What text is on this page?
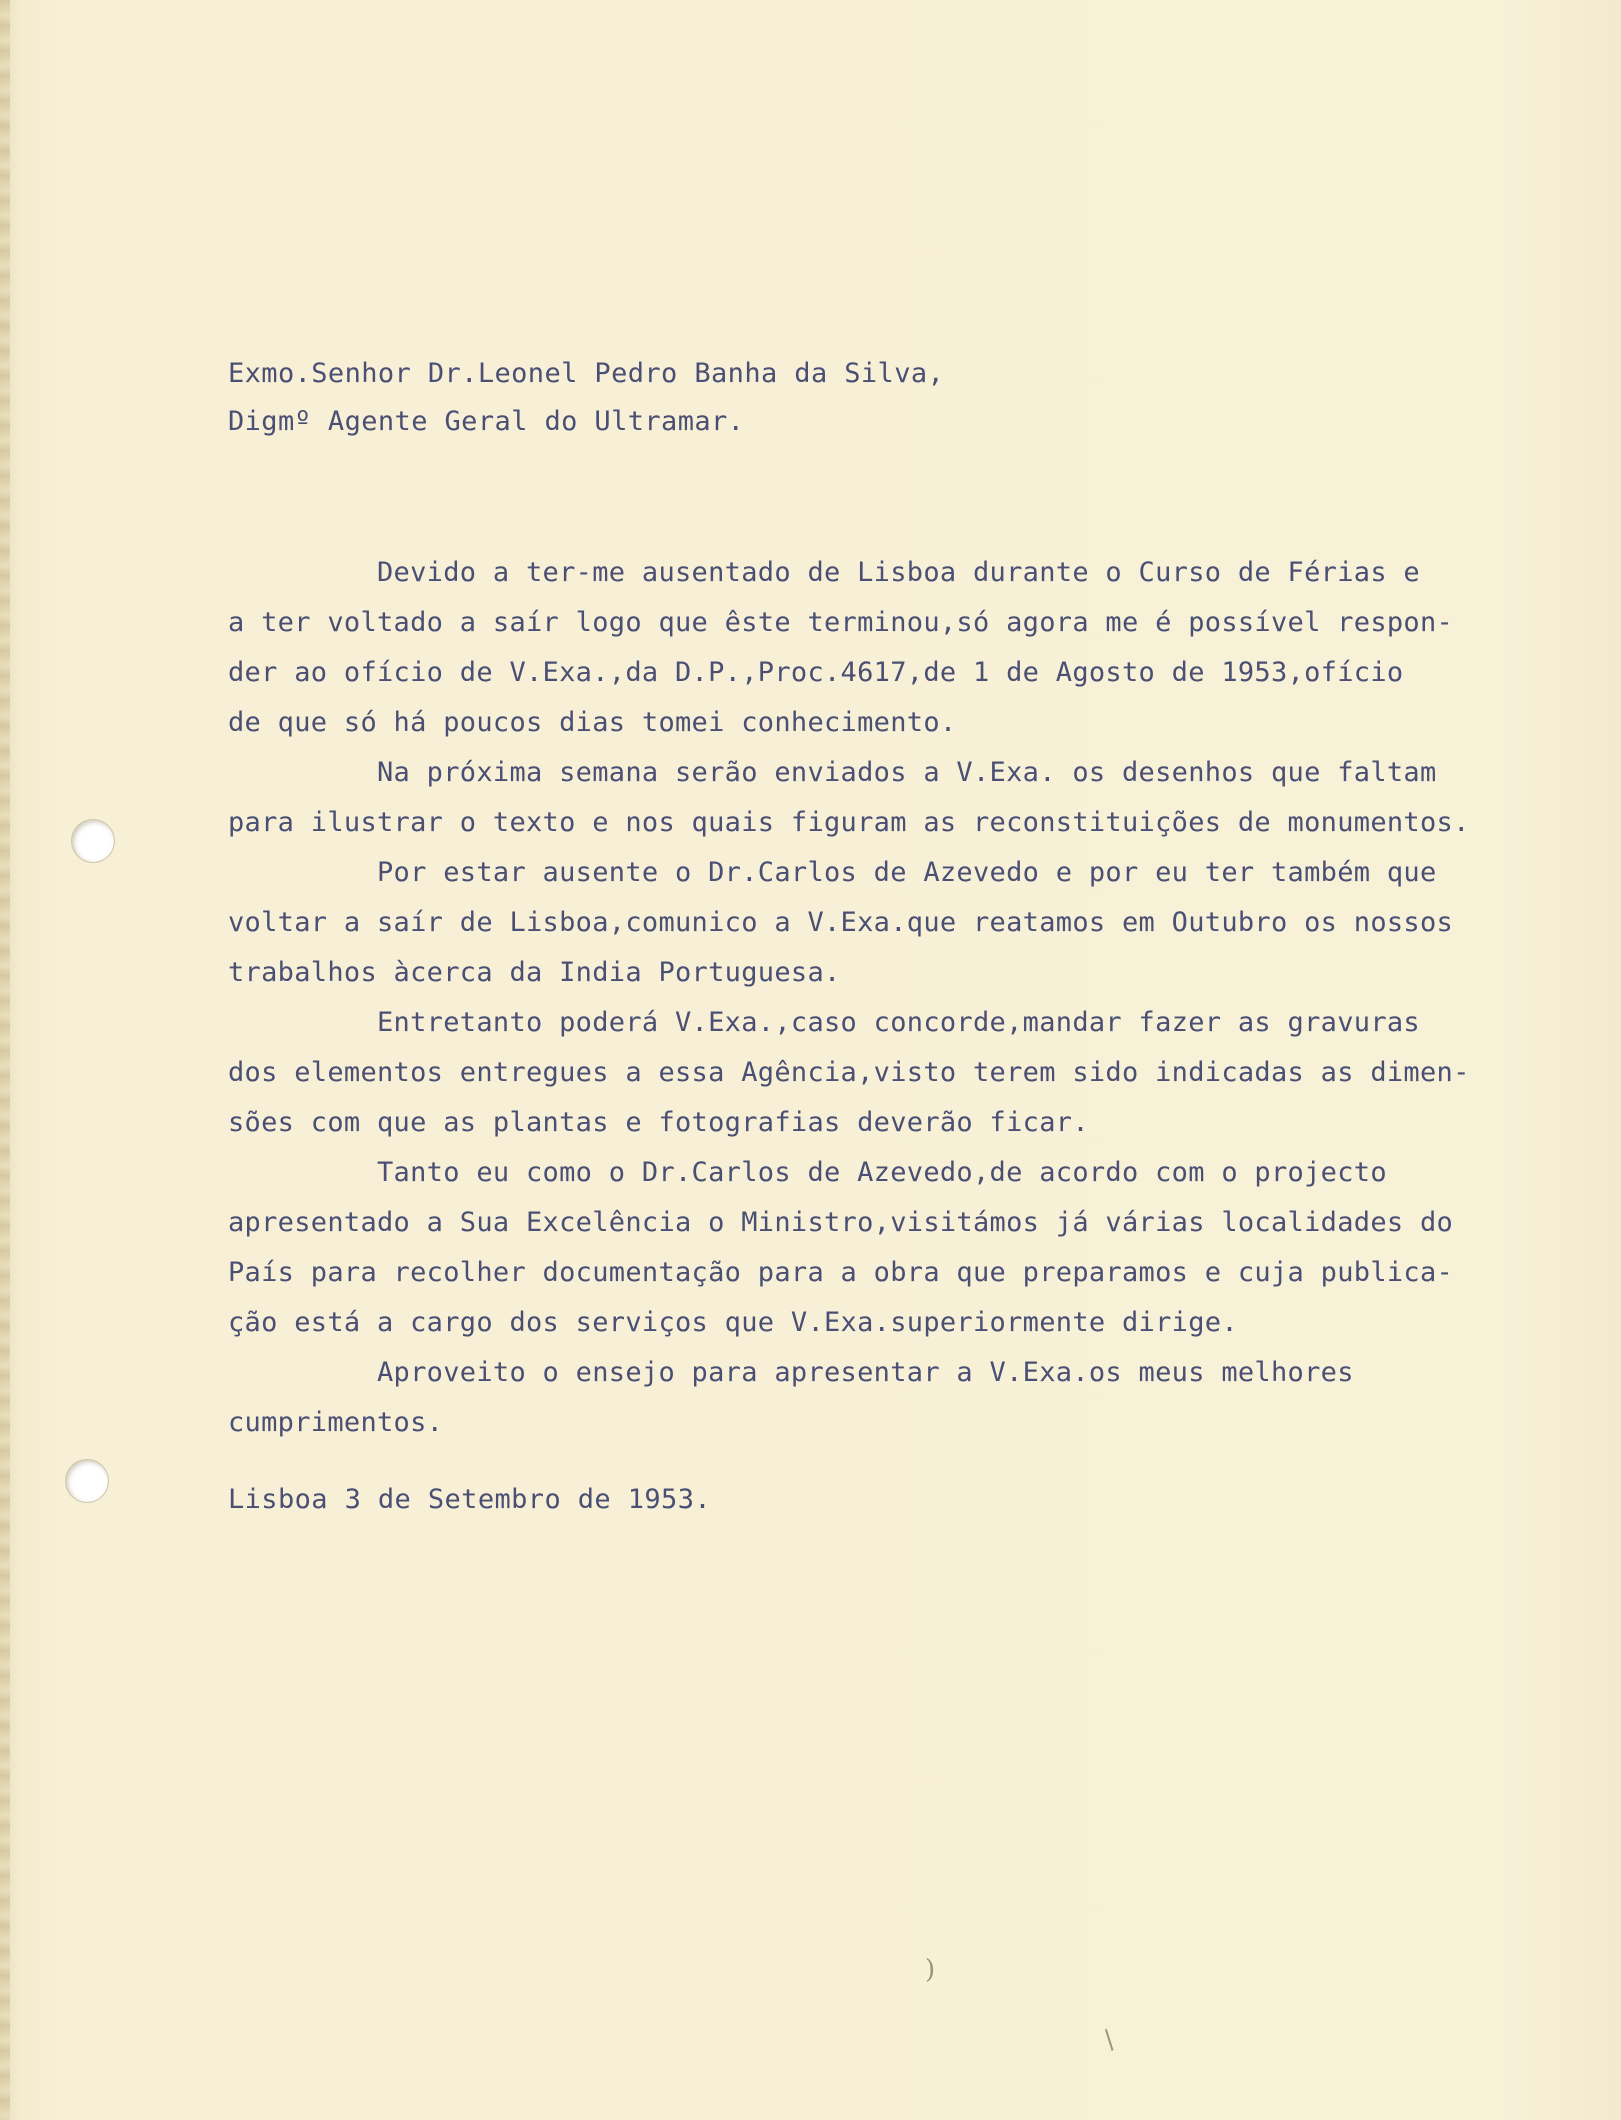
Exmo.Senhor Dr.Leonel Pedro Banha da Silva,
Digmº Agente Geral do Ultramar.
Devido a ter-me ausentado de Lisboa durante o Curso de Férias e
a ter voltado a saír logo que êste terminou,só agora me é possível respon-
der ao ofício de V.Exa.,da D.P.,Proc.4617,de 1 de Agosto de 1953,ofício
de que só há poucos dias tomei conhecimento.
Na próxima semana serão enviados a V.Exa. os desenhos que faltam
para ilustrar o texto e nos quais figuram as reconstituições de monumentos.
Por estar ausente o Dr.Carlos de Azevedo e por eu ter também que
voltar a saír de Lisboa,comunico a V.Exa.que reatamos em Outubro os nossos
trabalhos àcerca da India Portuguesa.
Entretanto poderá V.Exa.,caso concorde,mandar fazer as gravuras
dos elementos entregues a essa Agência,visto terem sido indicadas as dimen-
sões com que as plantas e fotografias deverão ficar.
Tanto eu como o Dr.Carlos de Azevedo,de acordo com o projecto
apresentado a Sua Excelência o Ministro,visitámos já várias localidades do
País para recolher documentação para a obra que preparamos e cuja publica-
ção está a cargo dos serviços que V.Exa.superiormente dirige.
Aproveito o ensejo para apresentar a V.Exa.os meus melhores
cumprimentos.
Lisboa 3 de Setembro de 1953.
)
/
